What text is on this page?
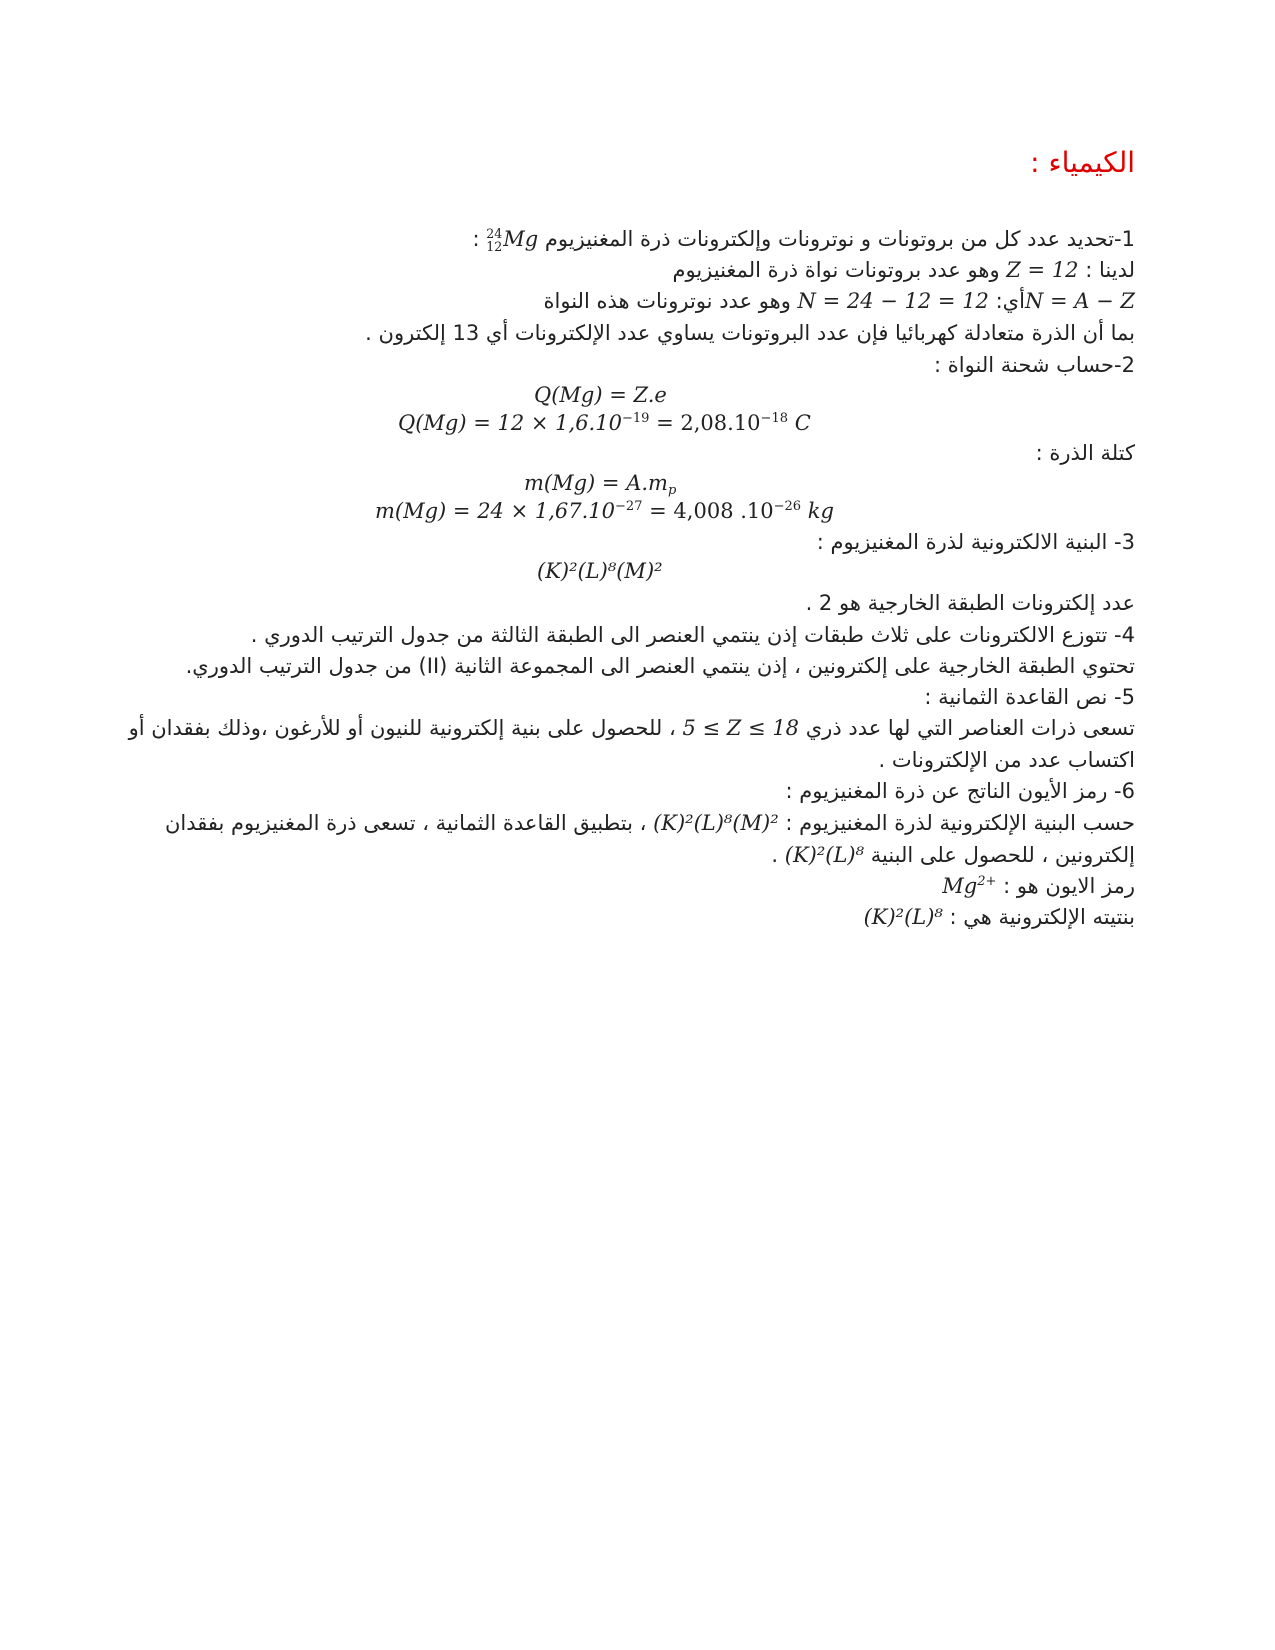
الكيمياء :
1-تحديد عدد كل من بروتونات و نوترونات وإلكترونات ذرة المغنيزيوم
24
12 Mg :
لدينا : Z = 12 وهو عدد بروتونات نواة ذرة المغنيزيوم
N = A − Zأي: N = 24 − 12 = 12 وهو عدد نوترونات هذه النواة
بما أن الذرة متعادلة كهربائيا فإن عدد البروتونات يساوي عدد الإلكترونات أي 13 إلكترون .
2-حساب شحنة النواة :
Q(Mg) = Z.e
$Q(Mg) = 12 \times 1,6.10^{-19} = 2,08.10^{-18}$ C
كتلة الذرة :
$m(Mg) = A.m_p$
$m(Mg) = 24 \times 1,67.10^{-27} = 4,008$ $.10^{-26}$ kg
3- البنية الالكترونية لذرة المغنيزيوم :
(K)²(L)⁸(M)²
عدد إلكترونات الطبقة الخارجية هو 2 .
4- تتوزع الالكترونات على ثلاث طبقات إذن ينتمي العنصر الى الطبقة الثالثة من جدول الترتيب الدوري .
تحتوي الطبقة الخارجية على إلكترونين ، إذن ينتمي العنصر الى المجموعة الثانية (II) من جدول الترتيب الدوري.
5- نص القاعدة الثمانية :
تسعى ذرات العناصر التي لها عدد ذري 5 ≤ Z ≤ 18 ، للحصول على بنية إلكترونية للنيون أو للأرغون ،وذلك بفقدان أو
اكتساب عدد من الإلكترونات .
6- رمز الأيون الناتج عن ذرة المغنيزيوم :
حسب البنية الإلكترونية لذرة المغنيزيوم : (K)²(L)⁸(M)² ، بتطبيق القاعدة الثمانية ، تسعى ذرة المغنيزيوم بفقدان
إلكترونين ، للحصول على البنية (K)²(L)⁸ .
رمز الايون هو : $Mg^{2+}$
بنتيته الإلكترونية هي : (K)²(L)⁸
